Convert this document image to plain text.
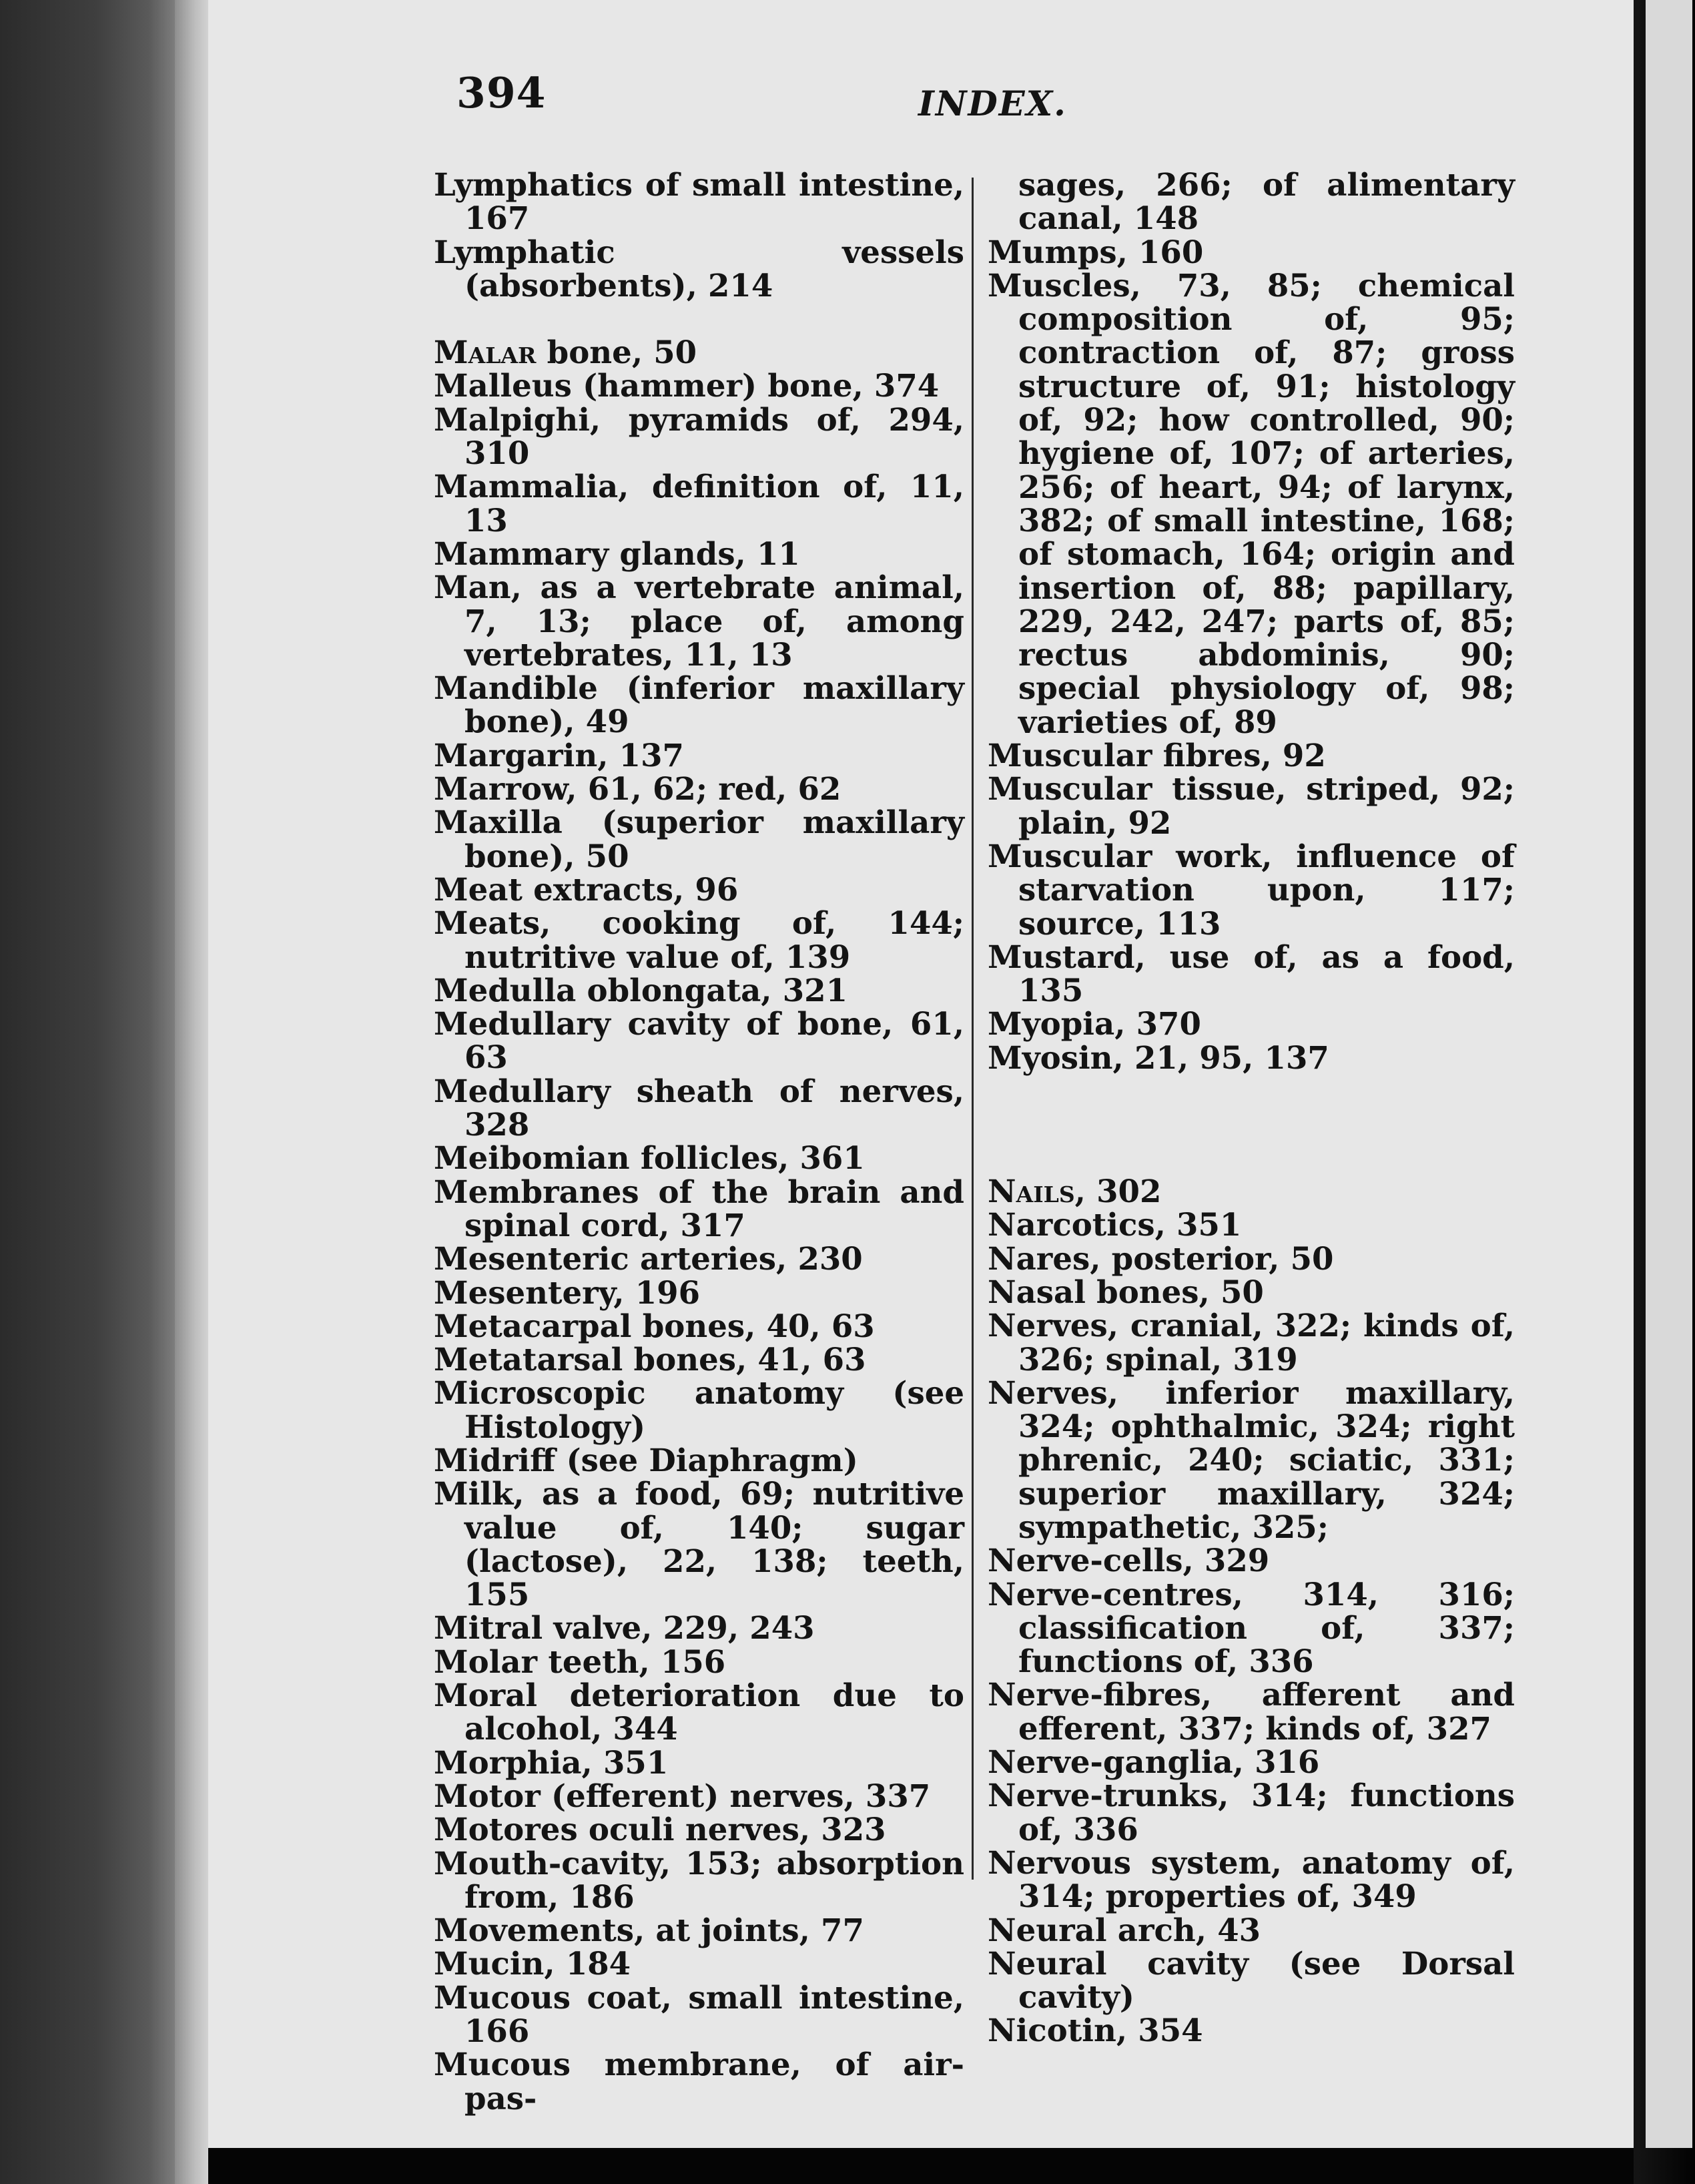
394	INDEX.
Lymphatics of small intestine, 167
Lymphatic vessels (absorbents), 214
Malar bone, 50
Malleus (hammer) bone, 374
Malpighi, pyramids of, 294, 310
Mammalia, definition of, 11, 13
Mammary glands, 11
Man, as a vertebrate animal, 7, 13; place of, among vertebrates, 11, 13
Mandible (inferior maxillary bone), 49
Margarin, 137
Marrow, 61, 62; red, 62
Maxilla (superior maxillary bone), 50
Meat extracts, 96
Meats, cooking of, 144; nutritive value of, 139
Medulla oblongata, 321
Medullary cavity of bone, 61, 63
Medullary sheath of nerves, 328
Meibomian follicles, 361
Membranes of the brain and spinal cord, 317
Mesenteric arteries, 230
Mesentery, 196
Metacarpal bones, 40, 63
Metatarsal bones, 41, 63
Microscopic anatomy (see Histology)
Midriff (see Diaphragm)
Milk, as a food, 69; nutritive value of, 140; sugar (lactose), 22, 138; teeth, 155
Mitral valve, 229, 243
Molar teeth, 156
Moral deterioration due to alcohol, 344
Morphia, 351
Motor (efferent) nerves, 337
Motores oculi nerves, 323
Mouth-cavity, 153; absorption from, 186
Movements, at joints, 77
Mucin, 184
Mucous coat, small intestine, 166
Mucous membrane, of air-pas-
sages, 266; of alimentary canal, 148
Mumps, 160
Muscles, 73, 85; chemical composition of, 95; contraction of, 87; gross structure of, 91; histology of, 92; how controlled, 90; hygiene of, 107; of arteries, 256; of heart, 94; of larynx, 382; of small intestine, 168; of stomach, 164; origin and insertion of, 88; papillary, 229, 242, 247; parts of, 85; rectus abdominis, 90; special physiology of, 98; varieties of, 89
Muscular fibres, 92
Muscular tissue, striped, 92; plain, 92
Muscular work, influence of starvation upon, 117; source, 113
Mustard, use of, as a food, 135
Myopia, 370
Myosin, 21, 95, 137
Nails, 302
Narcotics, 351
Nares, posterior, 50
Nasal bones, 50
Nerves, cranial, 322; kinds of, 326; spinal, 319
Nerves, inferior maxillary, 324; ophthalmic, 324; right phrenic, 240; sciatic, 331; superior maxillary, 324; sympathetic, 325;
Nerve-cells, 329
Nerve-centres, 314, 316; classification of, 337; functions of, 336
Nerve-fibres, afferent and efferent, 337; kinds of, 327
Nerve-ganglia, 316
Nerve-trunks, 314; functions of, 336
Nervous system, anatomy of, 314; properties of, 349
Neural arch, 43
Neural cavity (see Dorsal cavity)
Nicotin, 354
